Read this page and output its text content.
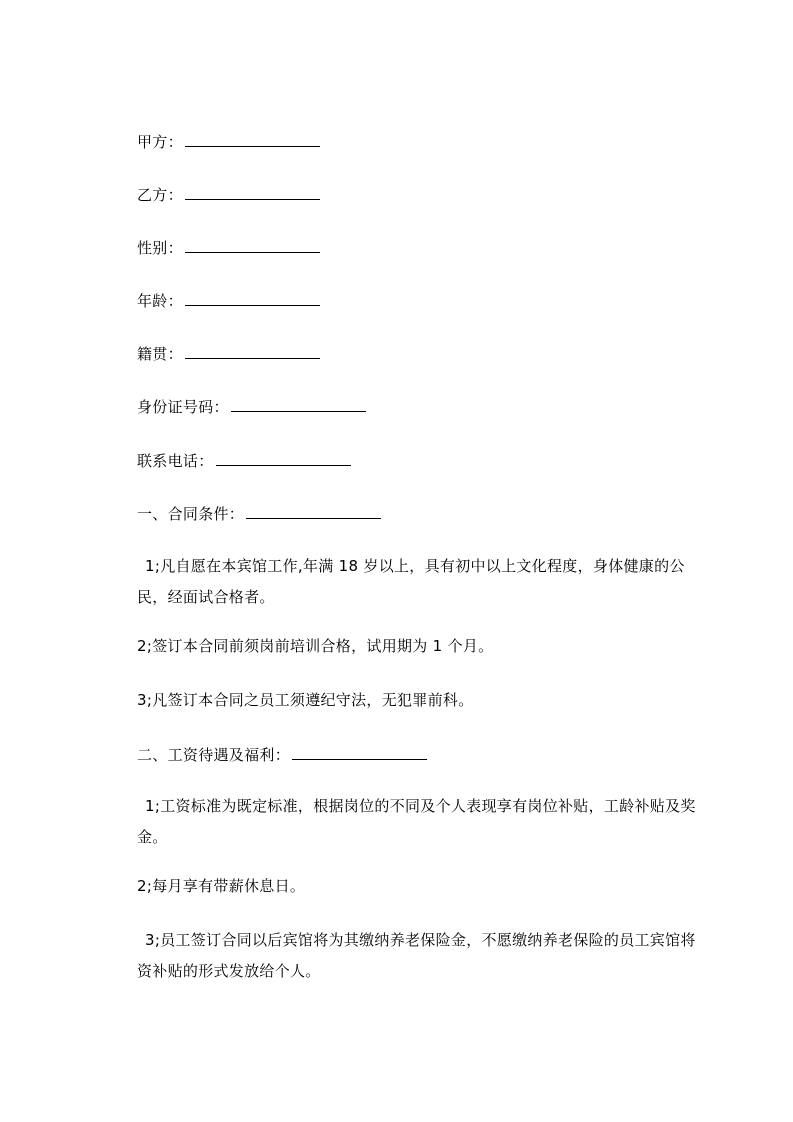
甲方：
乙方：
性别：
年龄：
籍贯：
身份证号码：
联系电话：
一、合同条件：
1;凡自愿在本宾馆工作,年满 18 岁以上，具有初中以上文化程度，身体健康的公民，经面试合格者。
2;签订本合同前须岗前培训合格，试用期为 1 个月。
3;凡签订本合同之员工须遵纪守法，无犯罪前科。
二、工资待遇及福利：
1;工资标准为既定标准，根据岗位的不同及个人表现享有岗位补贴，工龄补贴及奖金。
2;每月享有带薪休息日。
3;员工签订合同以后宾馆将为其缴纳养老保险金，不愿缴纳养老保险的员工宾馆将资补贴的形式发放给个人。
